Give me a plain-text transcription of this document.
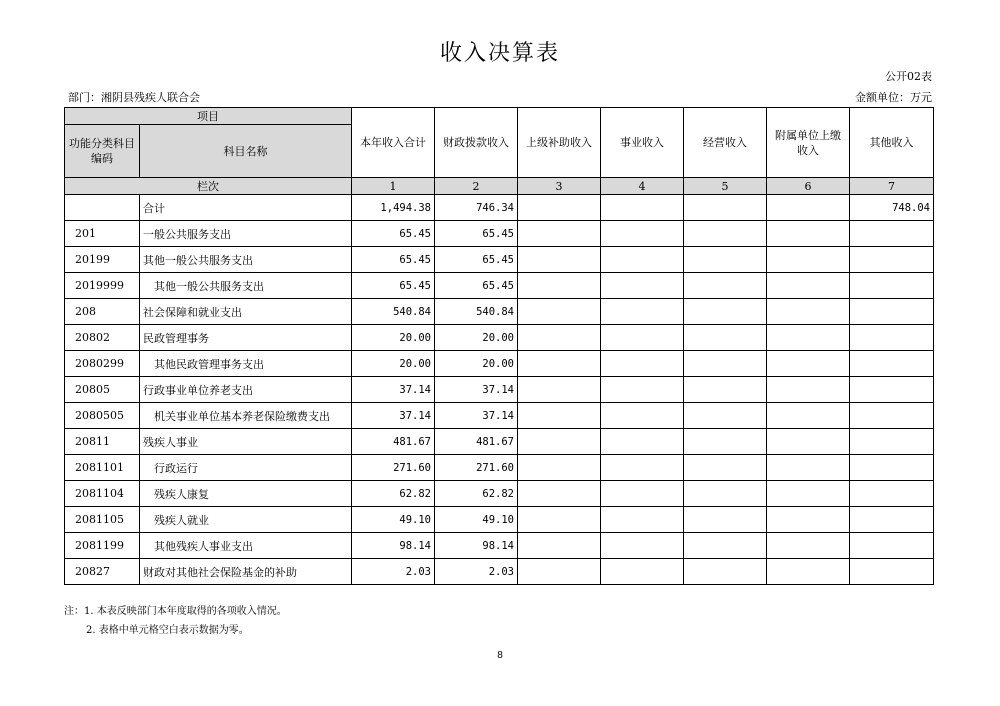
收入决算表
公开02表
部门：湘阴县残疾人联合会	金额单位：万元
项目		本年收入合计	财政拨款收入	上级补助收入	事业收入	经营收入	附属单位上缴收入	其他收入
功能分类科目编码	科目名称							
栏次		1	2	3	4	5	6	7
	合计	1,494.38	746.34					748.04
201	一般公共服务支出	65.45	65.45					
20199	其他一般公共服务支出	65.45	65.45					
2019999	其他一般公共服务支出	65.45	65.45					
208	社会保障和就业支出	540.84	540.84					
20802	民政管理事务	20.00	20.00					
2080299	其他民政管理事务支出	20.00	20.00					
20805	行政事业单位养老支出	37.14	37.14					
2080505	机关事业单位基本养老保险缴费支出	37.14	37.14					
20811	残疾人事业	481.67	481.67					
2081101	行政运行	271.60	271.60					
2081104	残疾人康复	62.82	62.82					
2081105	残疾人就业	49.10	49.10					
2081199	其他残疾人事业支出	98.14	98.14					
20827	财政对其他社会保险基金的补助	2.03	2.03					
注：1. 本表反映部门本年度取得的各项收入情况。
2. 表格中单元格空白表示数据为零。
8
